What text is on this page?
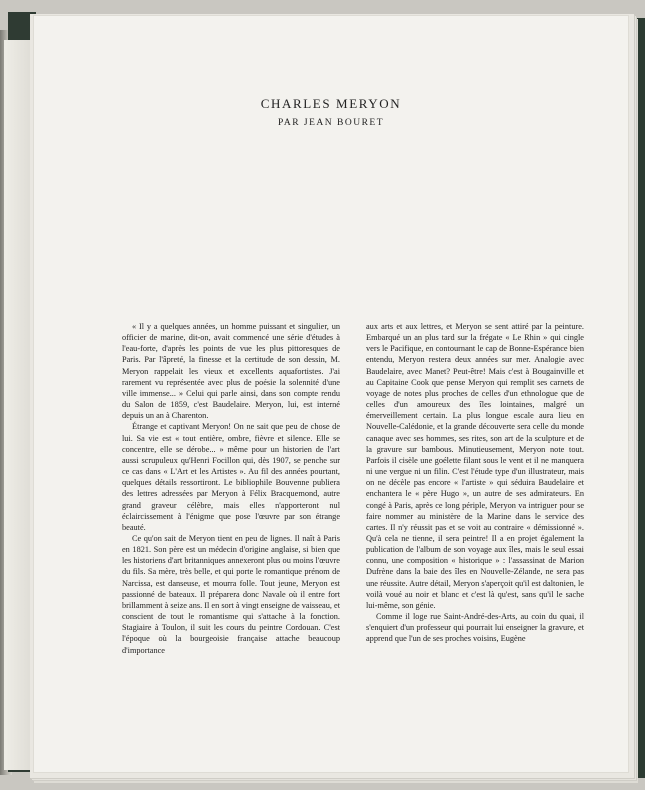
CHARLES MERYON
PAR JEAN BOURET

« Il y a quelques années, un homme puissant et singulier, un officier de marine, dit-on, avait commencé une série d'études à l'eau-forte, d'après les points de vue les plus pittoresques de Paris. Par l'âpreté, la finesse et la certitude de son dessin, M. Meryon rappelait les vieux et excellents aquafortistes. J'ai rarement vu représentée avec plus de poésie la solennité d'une ville immense... » Celui qui parle ainsi, dans son compte rendu du Salon de 1859, c'est Baudelaire. Meryon, lui, est interné depuis un an à Charenton.

Étrange et captivant Meryon! On ne sait que peu de chose de lui. Sa vie est « tout entière, ombre, fièvre et silence. Elle se concentre, elle se dérobe... » même pour un historien de l'art aussi scrupuleux qu'Henri Focillon qui, dès 1907, se penche sur ce cas dans « L'Art et les Artistes ». Au fil des années pourtant, quelques détails ressortiront. Le bibliophile Bouvenne publiera des lettres adressées par Meryon à Félix Bracquemond, autre grand graveur célèbre, mais elles n'apporteront nul éclaircissement à l'énigme que pose l'œuvre par son étrange beauté.

Ce qu'on sait de Meryon tient en peu de lignes. Il naît à Paris en 1821. Son père est un médecin d'origine anglaise, si bien que les historiens d'art britanniques annexeront plus ou moins l'œuvre du fils. Sa mère, très belle, et qui porte le romantique prénom de Narcissa, est danseuse, et mourra folle. Tout jeune, Meryon est passionné de bateaux. Il préparera donc Navale où il entre fort brillamment à seize ans. Il en sort à vingt enseigne de vaisseau, et conscient de tout le romantisme qui s'attache à la fonction. Stagiaire à Toulon, il suit les cours du peintre Cordouan. C'est l'époque où la bourgeoisie française attache beaucoup d'importance

aux arts et aux lettres, et Meryon se sent attiré par la peinture. Embarqué un an plus tard sur la frégate « Le Rhin » qui cingle vers le Pacifique, en contournant le cap de Bonne-Espérance bien entendu, Meryon restera deux années sur mer. Analogie avec Baudelaire, avec Manet? Peut-être! Mais c'est à Bougainville et au Capitaine Cook que pense Meryon qui remplit ses carnets de voyage de notes plus proches de celles d'un ethnologue que de celles d'un amoureux des îles lointaines, malgré un émerveillement certain. La plus longue escale aura lieu en Nouvelle-Calédonie, et la grande découverte sera celle du monde canaque avec ses hommes, ses rites, son art de la sculpture et de la gravure sur bambous. Minutieusement, Meryon note tout. Parfois il cisèle une goélette filant sous le vent et il ne manquera ni une vergue ni un filin. C'est l'étude type d'un illustrateur, mais on ne décèle pas encore « l'artiste » qui séduira Baudelaire et enchantera le « père Hugo », un autre de ses admirateurs. En congé à Paris, après ce long périple, Meryon va intriguer pour se faire nommer au ministère de la Marine dans le service des cartes. Il n'y réussit pas et se voit au contraire « démissionné ». Qu'à cela ne tienne, il sera peintre! Il a en projet également la publication de l'album de son voyage aux îles, mais le seul essai connu, une composition « historique » : l'assassinat de Marion Dufrène dans la baie des îles en Nouvelle-Zélande, ne sera pas une réussite. Autre détail, Meryon s'aperçoit qu'il est daltonien, le voilà voué au noir et blanc et c'est là qu'est, sans qu'il le sache lui-même, son génie.

Comme il loge rue Saint-André-des-Arts, au coin du quai, il s'enquiert d'un professeur qui pourrait lui enseigner la gravure, et apprend que l'un de ses proches voisins, Eugène
